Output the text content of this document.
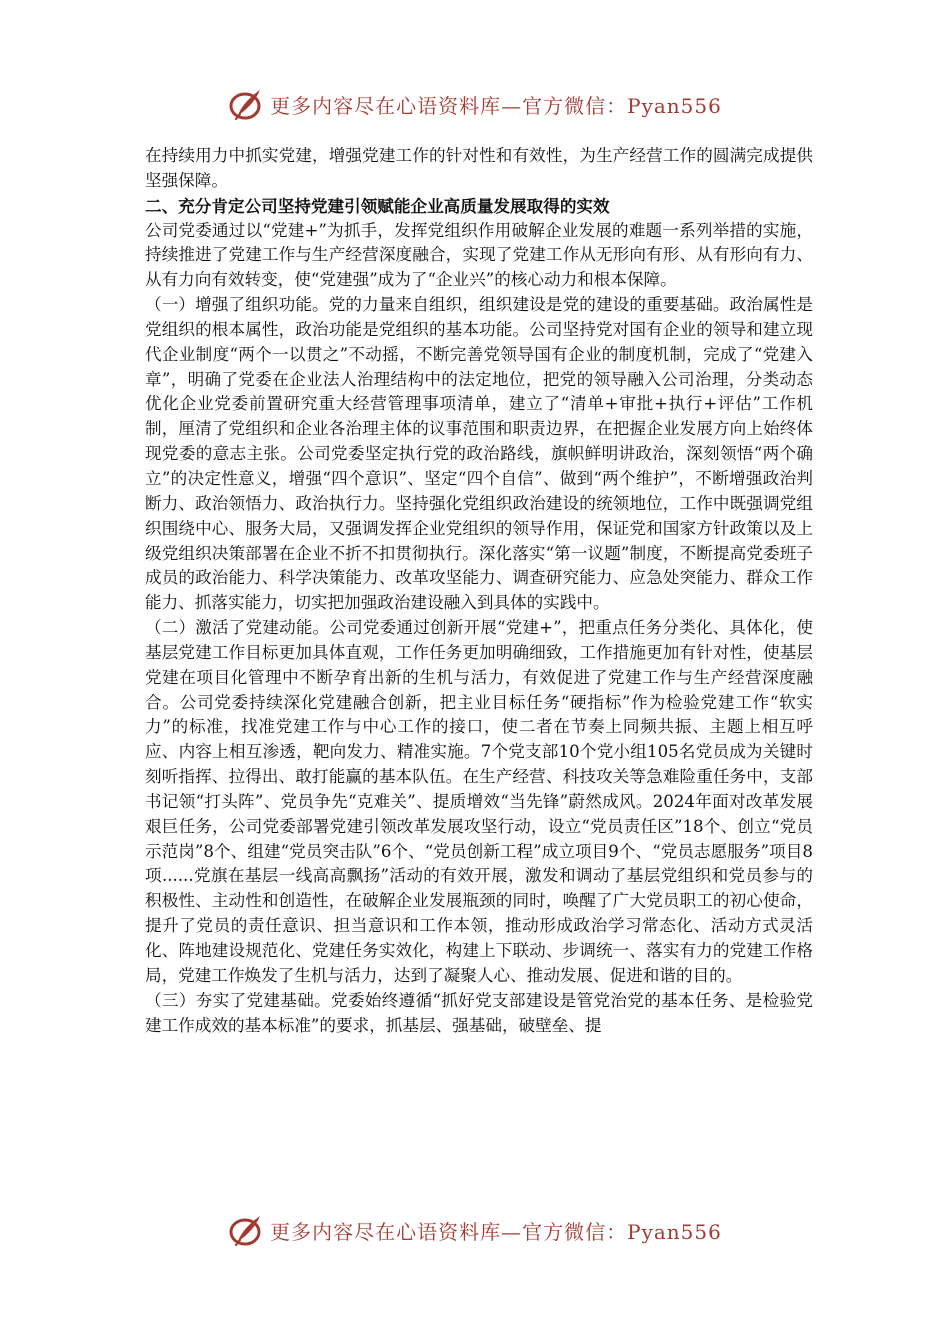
更多内容尽在心语资料库—官方微信：Pyan556

在持续用力中抓实党建，增强党建工作的针对性和有效性，为生产经营工作的圆满完成提供坚强保障。

二、充分肯定公司坚持党建引领赋能企业高质量发展取得的实效

公司党委通过以“党建+”为抓手，发挥党组织作用破解企业发展的难题一系列举措的实施，持续推进了党建工作与生产经营深度融合，实现了党建工作从无形向有形、从有形向有力、从有力向有效转变，使“党建强”成为了“企业兴”的核心动力和根本保障。

（一）增强了组织功能。党的力量来自组织，组织建设是党的建设的重要基础。政治属性是党组织的根本属性，政治功能是党组织的基本功能。公司坚持党对国有企业的领导和建立现代企业制度“两个一以贯之”不动摇，不断完善党领导国有企业的制度机制，完成了“党建入章”，明确了党委在企业法人治理结构中的法定地位，把党的领导融入公司治理，分类动态优化企业党委前置研究重大经营管理事项清单，建立了“清单+审批+执行+评估”工作机制，厘清了党组织和企业各治理主体的议事范围和职责边界，在把握企业发展方向上始终体现党委的意志主张。公司党委坚定执行党的政治路线，旗帜鲜明讲政治，深刻领悟“两个确立”的决定性意义，增强“四个意识”、坚定“四个自信”、做到“两个维护”，不断增强政治判断力、政治领悟力、政治执行力。坚持强化党组织政治建设的统领地位，工作中既强调党组织围绕中心、服务大局，又强调发挥企业党组织的领导作用，保证党和国家方针政策以及上级党组织决策部署在企业不折不扣贯彻执行。深化落实“第一议题”制度，不断提高党委班子成员的政治能力、科学决策能力、改革攻坚能力、调查研究能力、应急处突能力、群众工作能力、抓落实能力，切实把加强政治建设融入到具体的实践中。

（二）激活了党建动能。公司党委通过创新开展“党建+”，把重点任务分类化、具体化，使基层党建工作目标更加具体直观，工作任务更加明确细致，工作措施更加有针对性，使基层党建在项目化管理中不断孕育出新的生机与活力，有效促进了党建工作与生产经营深度融合。公司党委持续深化党建融合创新，把主业目标任务“硬指标”作为检验党建工作“软实力”的标准，找准党建工作与中心工作的接口，使二者在节奏上同频共振、主题上相互呼应、内容上相互渗透，靶向发力、精准实施。7个党支部10个党小组105名党员成为关键时刻听指挥、拉得出、敢打能赢的基本队伍。在生产经营、科技攻关等急难险重任务中，支部书记领“打头阵”、党员争先“克难关”、提质增效“当先锋”蔚然成风。2024年面对改革发展艰巨任务，公司党委部署党建引领改革发展攻坚行动，设立“党员责任区”18个、创立“党员示范岗”8个、组建“党员突击队”6个、“党员创新工程”成立项目9个、“党员志愿服务”项目8项......党旗在基层一线高高飘扬”活动的有效开展，激发和调动了基层党组织和党员参与的积极性、主动性和创造性，在破解企业发展瓶颈的同时，唤醒了广大党员职工的初心使命，提升了党员的责任意识、担当意识和工作本领，推动形成政治学习常态化、活动方式灵活化、阵地建设规范化、党建任务实效化，构建上下联动、步调统一、落实有力的党建工作格局，党建工作焕发了生机与活力，达到了凝聚人心、推动发展、促进和谐的目的。

（三）夯实了党建基础。党委始终遵循“抓好党支部建设是管党治党的基本任务、是检验党建工作成效的基本标准”的要求，抓基层、强基础，破壁垒、提

更多内容尽在心语资料库—官方微信：Pyan556
